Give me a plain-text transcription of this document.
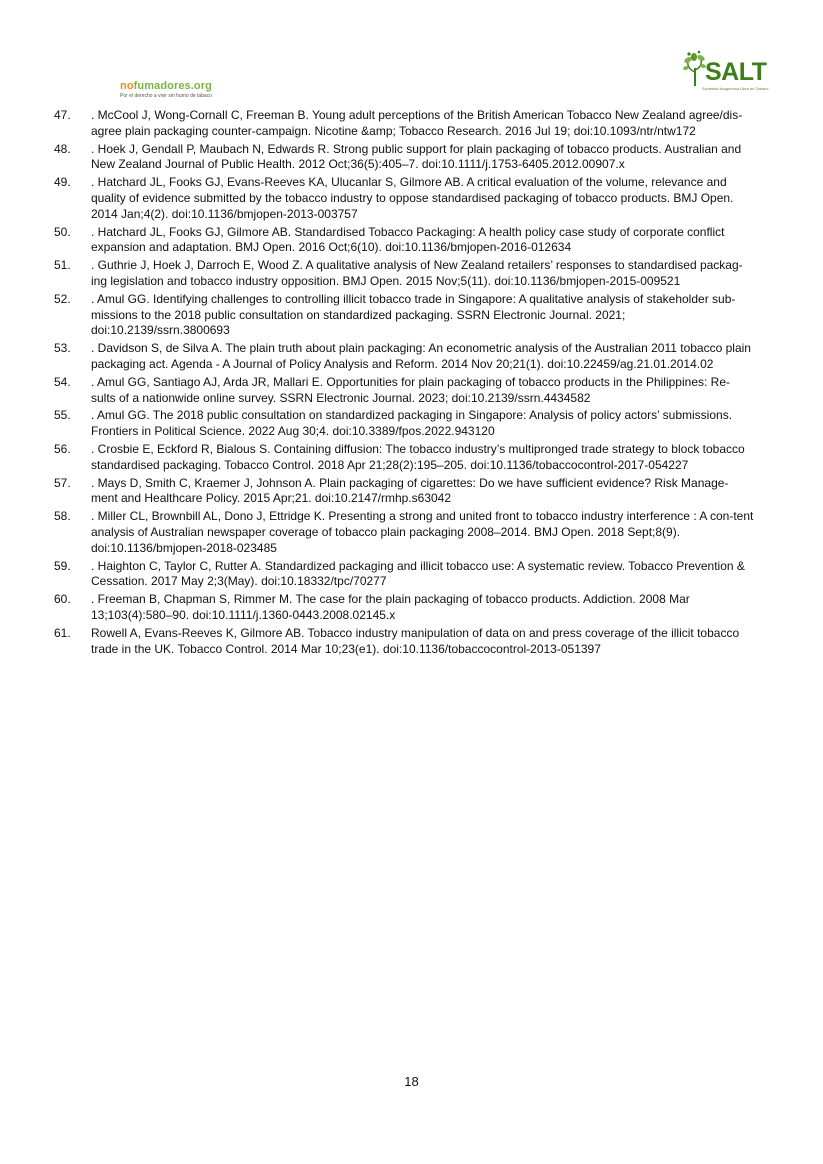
nofumadores.org
Por el derecho a vivir sin humo de tabaco
SALT
Sociedad Aragonesa Libre de Tabaco
47.	. McCool J, Wong-Cornall C, Freeman B. Young adult perceptions of the British American Tobacco New Zealand agree/dis-agree plain packaging counter-campaign. Nicotine &amp; Tobacco Research. 2016 Jul 19; doi:10.1093/ntr/ntw172
48.	. Hoek J, Gendall P, Maubach N, Edwards R. Strong public support for plain packaging of tobacco products. Australian and New Zealand Journal of Public Health. 2012 Oct;36(5):405–7. doi:10.1111/j.1753-6405.2012.00907.x
49.	. Hatchard JL, Fooks GJ, Evans-Reeves KA, Ulucanlar S, Gilmore AB. A critical evaluation of the volume, relevance and quality of evidence submitted by the tobacco industry to oppose standardised packaging of tobacco products. BMJ Open. 2014 Jan;4(2). doi:10.1136/bmjopen-2013-003757
50.	. Hatchard JL, Fooks GJ, Gilmore AB. Standardised Tobacco Packaging: A health policy case study of corporate conflict expansion and adaptation. BMJ Open. 2016 Oct;6(10). doi:10.1136/bmjopen-2016-012634
51.	. Guthrie J, Hoek J, Darroch E, Wood Z. A qualitative analysis of New Zealand retailers’ responses to standardised packag-ing legislation and tobacco industry opposition. BMJ Open. 2015 Nov;5(11). doi:10.1136/bmjopen-2015-009521
52.	. Amul GG. Identifying challenges to controlling illicit tobacco trade in Singapore: A qualitative analysis of stakeholder sub-missions to the 2018 public consultation on standardized packaging. SSRN Electronic Journal. 2021; doi:10.2139/ssrn.3800693
53.	. Davidson S, de Silva A. The plain truth about plain packaging: An econometric analysis of the Australian 2011 tobacco plain packaging act. Agenda - A Journal of Policy Analysis and Reform. 2014 Nov 20;21(1). doi:10.22459/ag.21.01.2014.02
54.	. Amul GG, Santiago AJ, Arda JR, Mallari E. Opportunities for plain packaging of tobacco products in the Philippines: Re-sults of a nationwide online survey. SSRN Electronic Journal. 2023; doi:10.2139/ssrn.4434582
55.	. Amul GG. The 2018 public consultation on standardized packaging in Singapore: Analysis of policy actors’ submissions. Frontiers in Political Science. 2022 Aug 30;4. doi:10.3389/fpos.2022.943120
56.	. Crosbie E, Eckford R, Bialous S. Containing diffusion: The tobacco industry’s multipronged trade strategy to block tobacco standardised packaging. Tobacco Control. 2018 Apr 21;28(2):195–205. doi:10.1136/tobaccocontrol-2017-054227
57.	. Mays D, Smith C, Kraemer J, Johnson A. Plain packaging of cigarettes: Do we have sufficient evidence? Risk Manage-ment and Healthcare Policy. 2015 Apr;21. doi:10.2147/rmhp.s63042
58.	. Miller CL, Brownbill AL, Dono J, Ettridge K. Presenting a strong and united front to tobacco industry interference : A con-tent analysis of Australian newspaper coverage of tobacco plain packaging 2008–2014. BMJ Open. 2018 Sept;8(9). doi:10.1136/bmjopen-2018-023485
59.	. Haighton C, Taylor C, Rutter A. Standardized packaging and illicit tobacco use: A systematic review. Tobacco Prevention & Cessation. 2017 May 2;3(May). doi:10.18332/tpc/70277
60.	. Freeman B, Chapman S, Rimmer M. The case for the plain packaging of tobacco products. Addiction. 2008 Mar 13;103(4):580–90. doi:10.1111/j.1360-0443.2008.02145.x
61.	Rowell A, Evans-Reeves K, Gilmore AB. Tobacco industry manipulation of data on and press coverage of the illicit tobacco trade in the UK. Tobacco Control. 2014 Mar 10;23(e1). doi:10.1136/tobaccocontrol-2013-051397
18
